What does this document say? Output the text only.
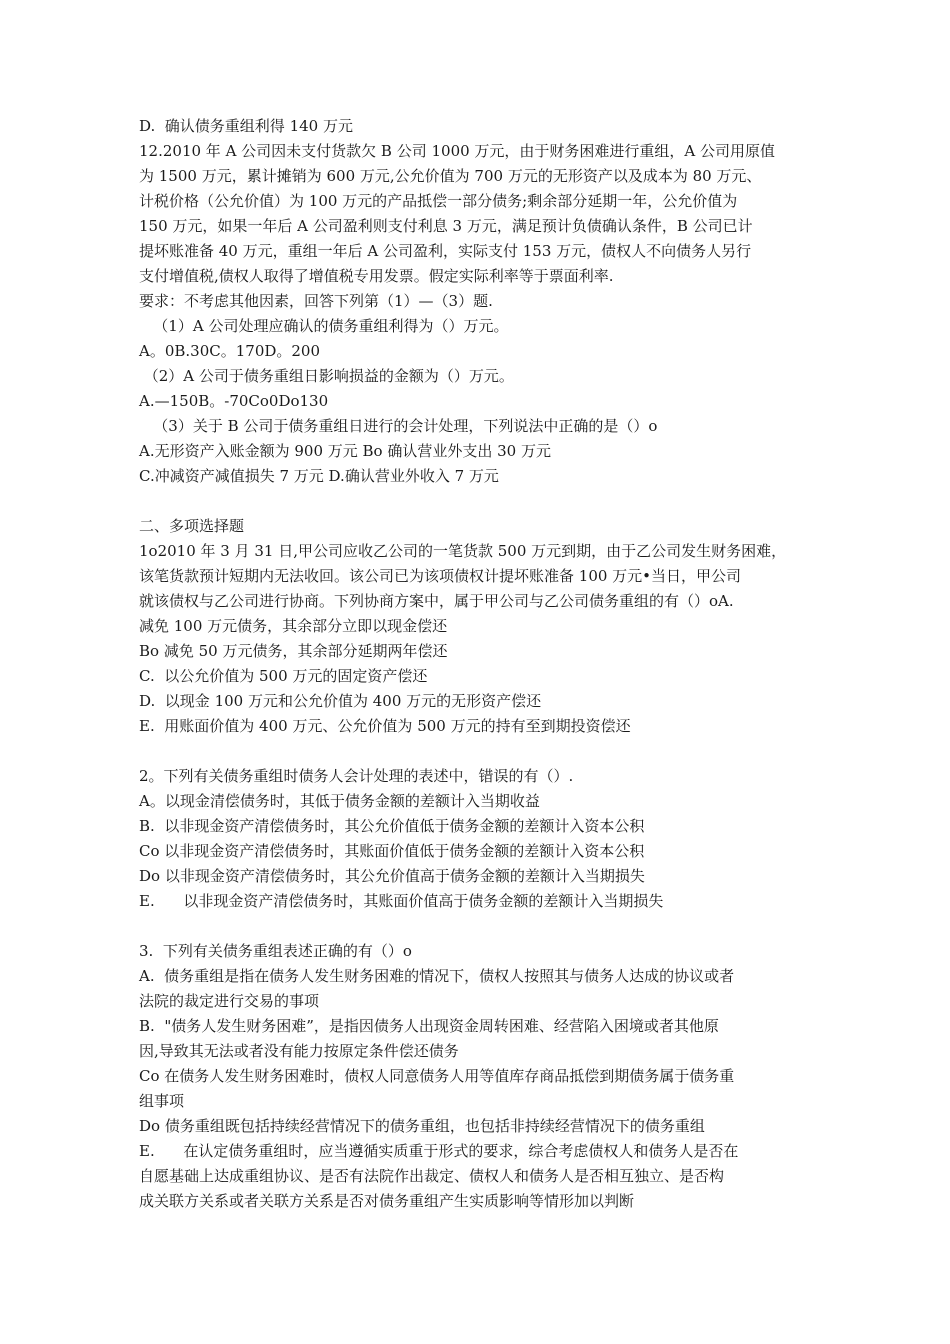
D.  确认债务重组利得 140 万元
12.2010 年 A 公司因未支付货款欠 B 公司 1000 万元，由于财务困难进行重组，A 公司用原值
为 1500 万元，累计摊销为 600 万元,公允价值为 700 万元的无形资产以及成本为 80 万元、
计税价格（公允价值）为 100 万元的产品抵偿一部分债务;剩余部分延期一年，公允价值为
150 万元，如果一年后 A 公司盈利则支付利息 3 万元，满足预计负债确认条件，B 公司已计
提坏账准备 40 万元，重组一年后 A 公司盈利，实际支付 153 万元，债权人不向债务人另行
支付增值税,债权人取得了增值税专用发票。假定实际利率等于票面利率.
要求：不考虑其他因素，回答下列第（1）—（3）题.
（1）A 公司处理应确认的债务重组利得为（）万元。
A。0B.30C。170D。200
（2）A 公司于债务重组日影响损益的金额为（）万元。
A.—150B。-70Co0Do130
（3）关于 B 公司于债务重组日进行的会计处理，下列说法中正确的是（）o
A.无形资产入账金额为 900 万元 Bo 确认营业外支出 30 万元
C.冲减资产减值损失 7 万元 D.确认营业外收入 7 万元
二、多项选择题
1o2010 年 3 月 31 日,甲公司应收乙公司的一笔货款 500 万元到期，由于乙公司发生财务困难，
该笔货款预计短期内无法收回。该公司已为该项债权计提坏账准备 100 万元•当日，甲公司
就该债权与乙公司进行协商。下列协商方案中，属于甲公司与乙公司债务重组的有（）oA.
减免 100 万元债务，其余部分立即以现金偿还
Bo 减免 50 万元债务，其余部分延期两年偿还
C.  以公允价值为 500 万元的固定资产偿还
D.  以现金 100 万元和公允价值为 400 万元的无形资产偿还
E.  用账面价值为 400 万元、公允价值为 500 万元的持有至到期投资偿还
2。下列有关债务重组时债务人会计处理的表述中，错误的有（）.
A。以现金清偿债务时，其低于债务金额的差额计入当期收益
B.  以非现金资产清偿债务时，其公允价值低于债务金额的差额计入资本公积
Co 以非现金资产清偿债务时，其账面价值低于债务金额的差额计入资本公积
Do 以非现金资产清偿债务时，其公允价值高于债务金额的差额计入当期损失
E.      以非现金资产清偿债务时，其账面价值高于债务金额的差额计入当期损失
3.  下列有关债务重组表述正确的有（）o
A.  债务重组是指在债务人发生财务困难的情况下，债权人按照其与债务人达成的协议或者
法院的裁定进行交易的事项
B.  "债务人发生财务困难”，是指因债务人出现资金周转困难、经营陷入困境或者其他原
因,导致其无法或者没有能力按原定条件偿还债务
Co 在债务人发生财务困难时，债权人同意债务人用等值库存商品抵偿到期债务属于债务重
组事项
Do 债务重组既包括持续经营情况下的债务重组，也包括非持续经营情况下的债务重组
E.      在认定债务重组时，应当遵循实质重于形式的要求，综合考虑债权人和债务人是否在
自愿基础上达成重组协议、是否有法院作出裁定、债权人和债务人是否相互独立、是否构
成关联方关系或者关联方关系是否对债务重组产生实质影响等情形加以判断
